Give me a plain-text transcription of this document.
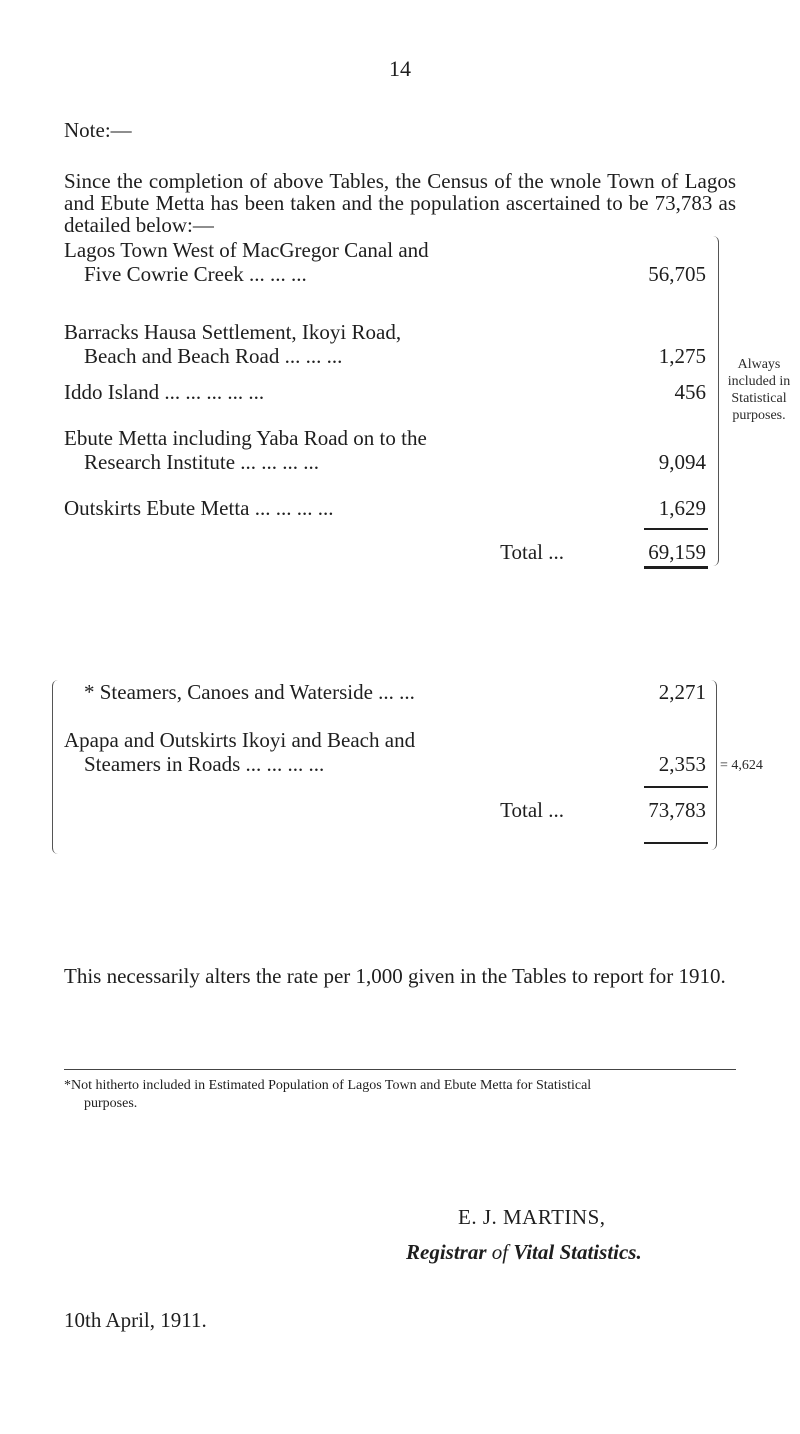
14
Note:—
Since the completion of above Tables, the Census of the wnole Town of Lagos and Ebute Metta has been taken and the population ascertained to be 73,783 as detailed below:—
Lagos Town West of MacGregor Canal and
Five Cowrie Creek ... ... ...	56,705
Barracks Hausa Settlement, Ikoyi Road,
Beach and Beach Road ... ... ...	1,275
Iddo Island ... ... ... ... ...	456
Ebute Metta including Yaba Road on to the
Research Institute ... ... ... ...	9,094
Outskirts Ebute Metta ... ... ... ...	1,629
Total ...	69,159
Always included in Statistical purposes.
* Steamers, Canoes and Waterside ... ...	2,271
Apapa and Outskirts Ikoyi and Beach and
Steamers in Roads ... ... ... ...	2,353
Total ...	73,783
= 4,624
This necessarily alters the rate per 1,000 given in the Tables to report for 1910.
*Not hitherto included in Estimated Population of Lagos Town and Ebute Metta for Statistical
purposes.
E. J. MARTINS,
Registrar of Vital Statistics.
10th April, 1911.
